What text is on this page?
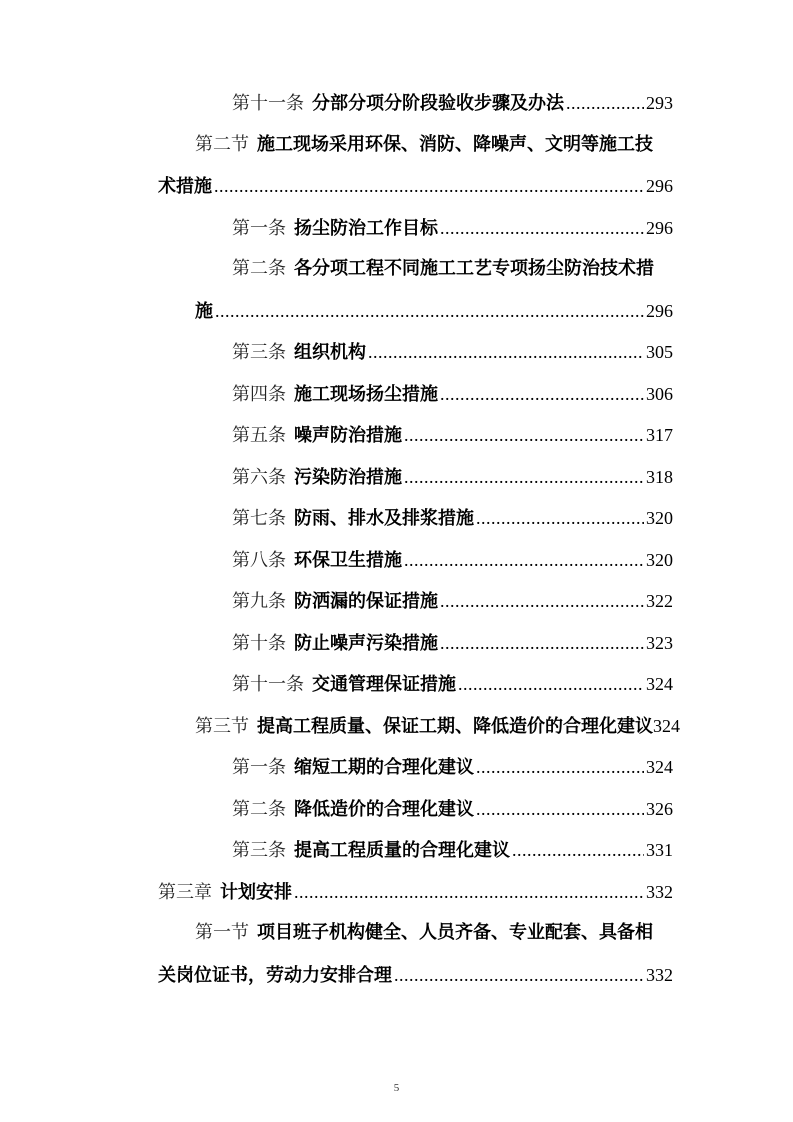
第十一条 分部分项分阶段验收步骤及办法 .....	293
第二节 施工现场采用环保、消防、降噪声、文明等施工技
术措施 .....	296
第一条 扬尘防治工作目标 .....	296
第二条 各分项工程不同施工工艺专项扬尘防治技术措
施 .....	296
第三条 组织机构 .....	305
第四条 施工现场扬尘措施 .....	306
第五条 噪声防治措施 .....	317
第六条 污染防治措施 .....	318
第七条 防雨、排水及排浆措施 .....	320
第八条 环保卫生措施 .....	320
第九条 防洒漏的保证措施 .....	322
第十条 防止噪声污染措施 .....	323
第十一条 交通管理保证措施 .....	324
第三节 提高工程质量、保证工期、降低造价的合理化建议 324
第一条 缩短工期的合理化建议 .....	324
第二条 降低造价的合理化建议 .....	326
第三条 提高工程质量的合理化建议 .....	331
第三章 计划安排 .....	332
第一节 项目班子机构健全、人员齐备、专业配套、具备相
关岗位证书，劳动力安排合理 .....	332
5
